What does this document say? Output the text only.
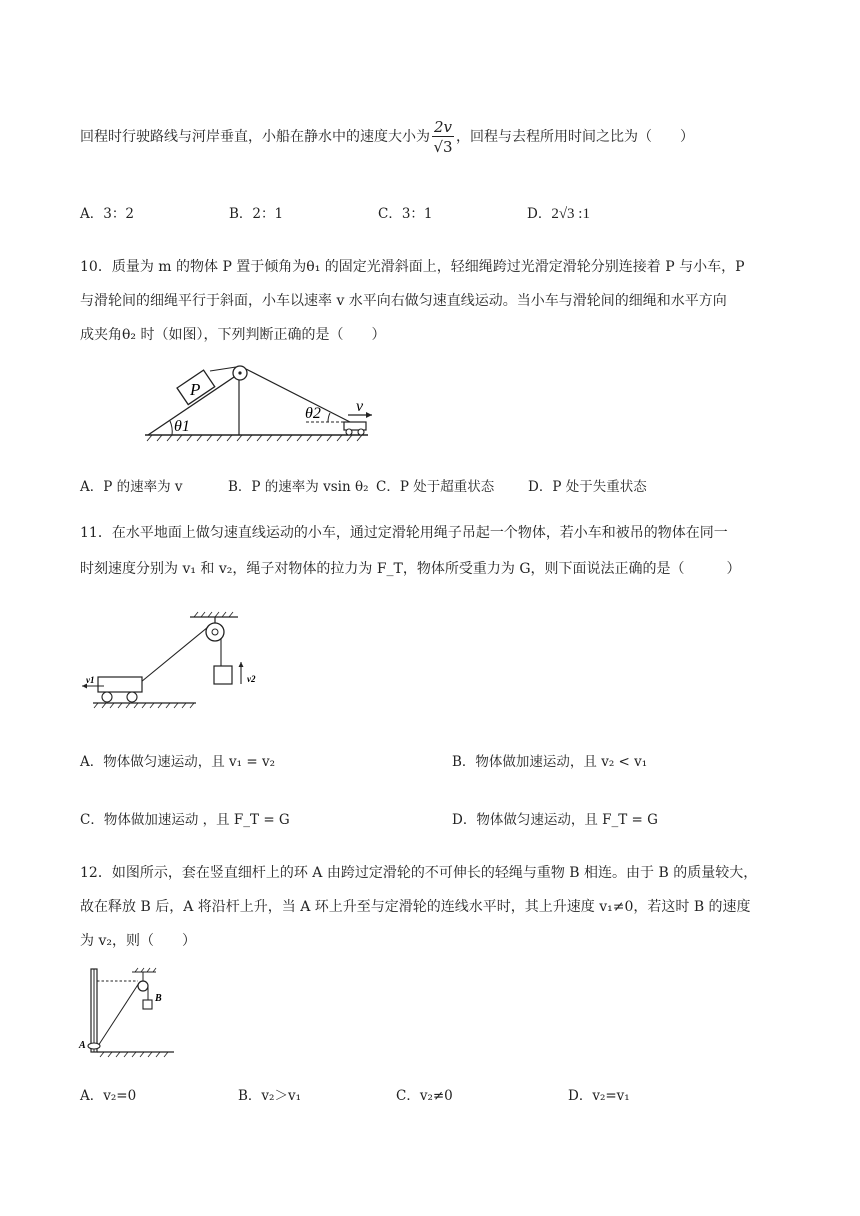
回程时行驶路线与河岸垂直，小船在静水中的速度大小为 $\frac{2v}{√3}$ ，回程与去程所用时间之比为（　　）
A．3：2	B．2：1	C．3：1	D．2√3 :1
10．质量为 m 的物体 P 置于倾角为θ₁ 的固定光滑斜面上，轻细绳跨过光滑定滑轮分别连接着 P 与小车，P
与滑轮间的细绳平行于斜面，小车以速率 v 水平向右做匀速直线运动。当小车与滑轮间的细绳和水平方向
成夹角θ₂ 时（如图），下列判断正确的是（　　）
P
θ1
θ2 v
A．P 的速率为 v	B．P 的速率为 vsin θ₂ C．P 处于超重状态	D．P 处于失重状态
11．在水平地面上做匀速直线运动的小车，通过定滑轮用绳子吊起一个物体，若小车和被吊的物体在同一
时刻速度分别为 v₁ 和 v₂，绳子对物体的拉力为 F_T，物体所受重力为 G，则下面说法正确的是（　　　）
v1	v2
A．物体做匀速运动，且 v₁ = v₂	B．物体做加速运动，且 v₂ < v₁
C．物体做加速运动 ，且 F_T = G	D．物体做匀速运动，且 F_T = G
12．如图所示，套在竖直细杆上的环 A 由跨过定滑轮的不可伸长的轻绳与重物 B 相连。由于 B 的质量较大，
故在释放 B 后，A 将沿杆上升，当 A 环上升至与定滑轮的连线水平时，其上升速度 v₁≠0，若这时 B 的速度
为 v₂，则（　　）
B
A
A．v₂=0	B．v₂＞v₁	C．v₂≠0	D．v₂=v₁
